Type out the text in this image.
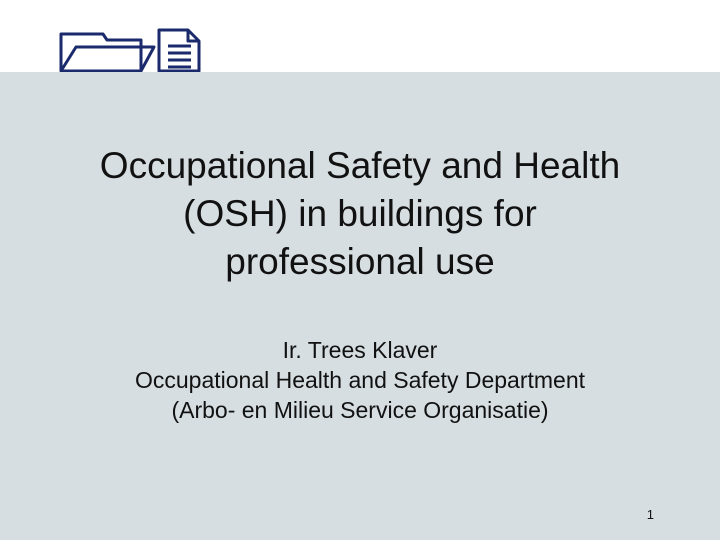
Occupational Safety and Health
(OSH) in buildings for
professional use
Ir. Trees Klaver
Occupational Health and Safety Department
(Arbo- en Milieu Service Organisatie)
1
